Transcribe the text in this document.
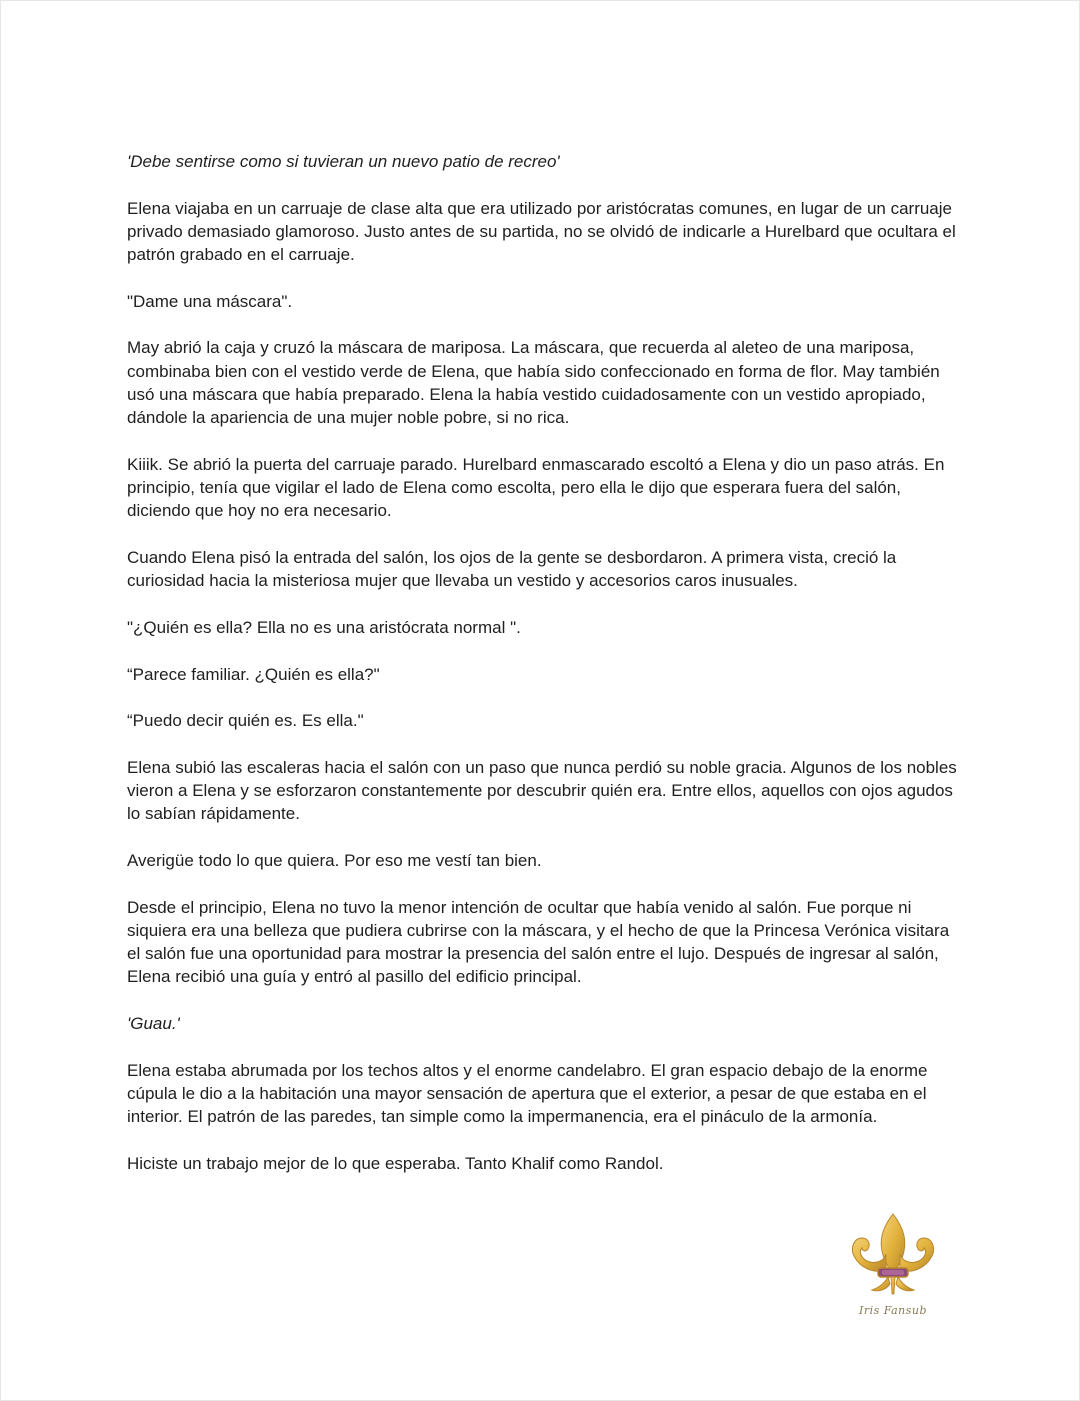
'Debe sentirse como si tuvieran un nuevo patio de recreo'

Elena viajaba en un carruaje de clase alta que era utilizado por aristócratas comunes, en lugar de un carruaje privado demasiado glamoroso. Justo antes de su partida, no se olvidó de indicarle a Hurelbard que ocultara el patrón grabado en el carruaje.

"Dame una máscara".

May abrió la caja y cruzó la máscara de mariposa. La máscara, que recuerda al aleteo de una mariposa, combinaba bien con el vestido verde de Elena, que había sido confeccionado en forma de flor. May también usó una máscara que había preparado. Elena la había vestido cuidadosamente con un vestido apropiado, dándole la apariencia de una mujer noble pobre, si no rica.

Kiiik. Se abrió la puerta del carruaje parado. Hurelbard enmascarado escoltó a Elena y dio un paso atrás. En principio, tenía que vigilar el lado de Elena como escolta, pero ella le dijo que esperara fuera del salón, diciendo que hoy no era necesario.

Cuando Elena pisó la entrada del salón, los ojos de la gente se desbordaron. A primera vista, creció la curiosidad hacia la misteriosa mujer que llevaba un vestido y accesorios caros inusuales.

"¿Quién es ella? Ella no es una aristócrata normal ".

“Parece familiar. ¿Quién es ella?"

“Puedo decir quién es. Es ella."

Elena subió las escaleras hacia el salón con un paso que nunca perdió su noble gracia. Algunos de los nobles vieron a Elena y se esforzaron constantemente por descubrir quién era. Entre ellos, aquellos con ojos agudos lo sabían rápidamente.

Averigüe todo lo que quiera. Por eso me vestí tan bien.

Desde el principio, Elena no tuvo la menor intención de ocultar que había venido al salón. Fue porque ni siquiera era una belleza que pudiera cubrirse con la máscara, y el hecho de que la Princesa Verónica visitara el salón fue una oportunidad para mostrar la presencia del salón entre el lujo. Después de ingresar al salón, Elena recibió una guía y entró al pasillo del edificio principal.

'Guau.'

Elena estaba abrumada por los techos altos y el enorme candelabro. El gran espacio debajo de la enorme cúpula le dio a la habitación una mayor sensación de apertura que el exterior, a pesar de que estaba en el interior. El patrón de las paredes, tan simple como la impermanencia, era el pináculo de la armonía.

Hiciste un trabajo mejor de lo que esperaba. Tanto Khalif como Randol.

Iris Fansub
